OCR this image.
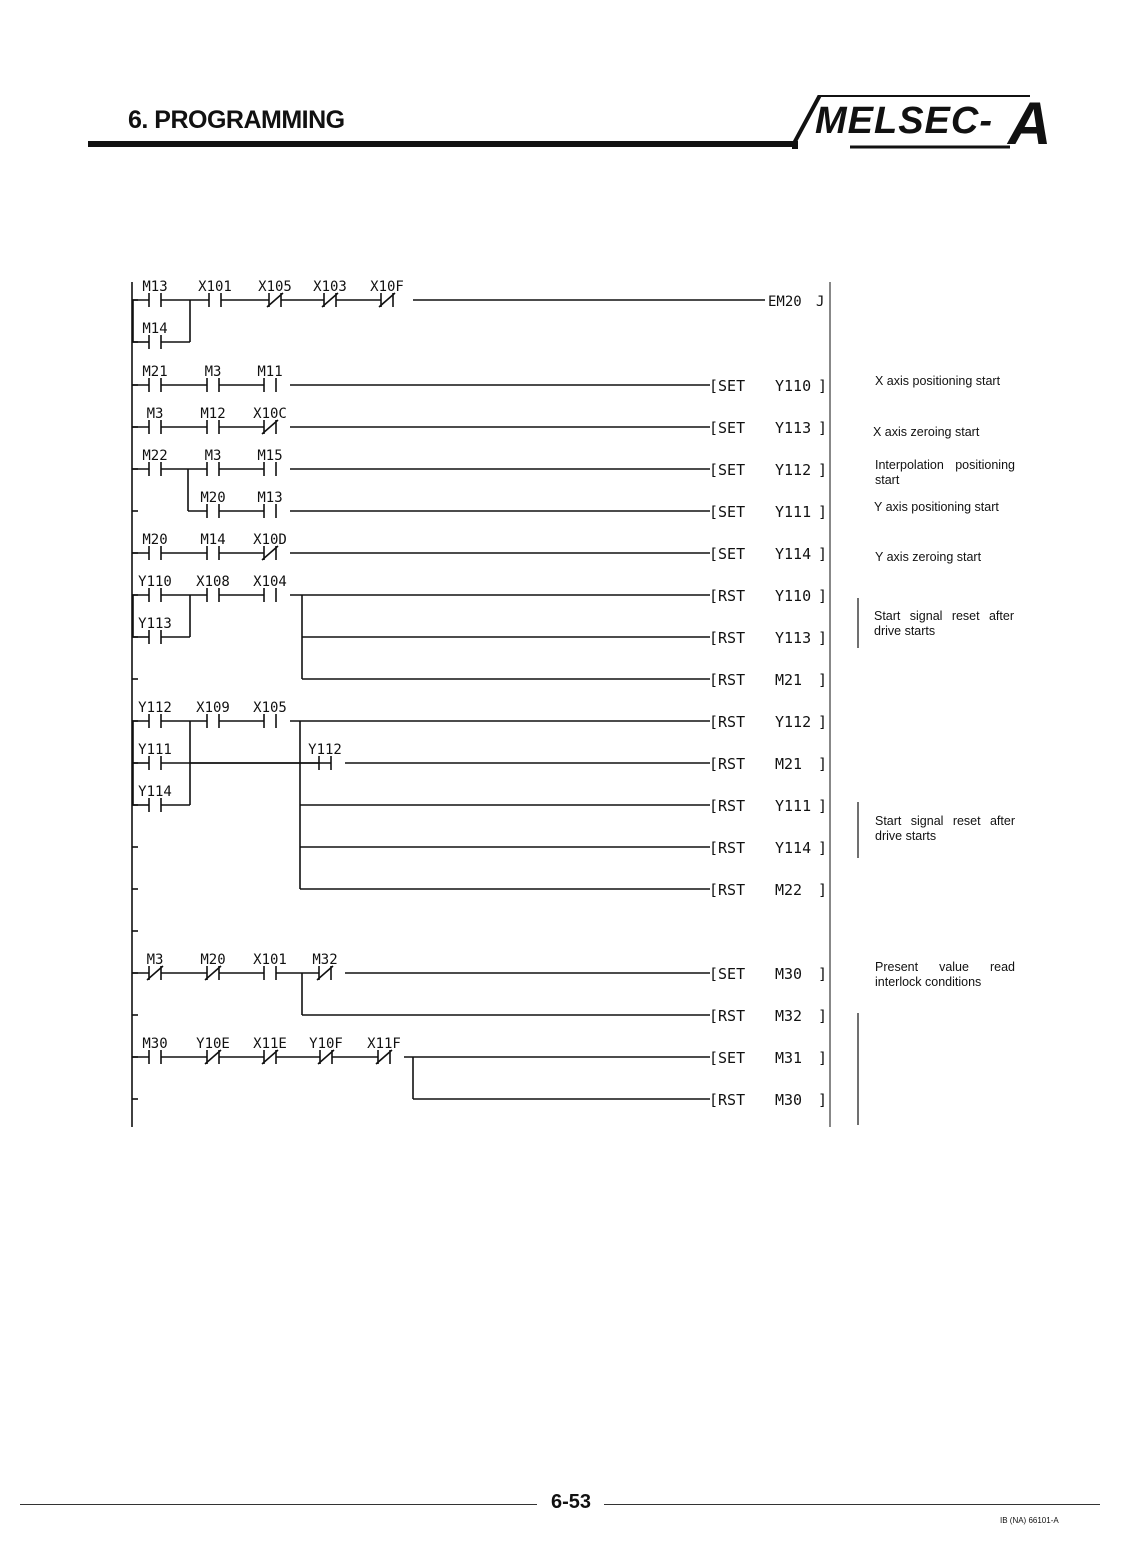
6. PROGRAMMING	MELSEC- A
M13 X101 X105 X103 X10F
EM20 J
M14
M21	M3	M11
[SET Y110 ]
M3	M12 X10C
[SET Y113 ]
M22	M3	M15
[SET Y112 ]
M20 M13
[SET Y111 ]
M20 M14 X10D
[SET Y114 ]
Y110 X108 X104
[RST Y110 ]
Y113
[RST Y113 ]
[RST M21 ]
Y112 X109 X105
[RST Y112 ]
Y111	Y112
[RST M21 ]
Y114
[RST Y111 ]
[RST Y114 ]
[RST M22 ]
M3	M20 X101 M32
[SET M30 ]
[RST M32 ]
M30 Y10E X11E Y10F X11F
[SET M31 ]
[RST M30 ]
X axis positioning start
X axis zeroing start
Interpolation positioning start
Y axis positioning start
Y axis zeroing start
Start signal reset after drive starts
Start signal reset after drive starts
Present value read interlock conditions
6-53
IB (NA) 66101-A
